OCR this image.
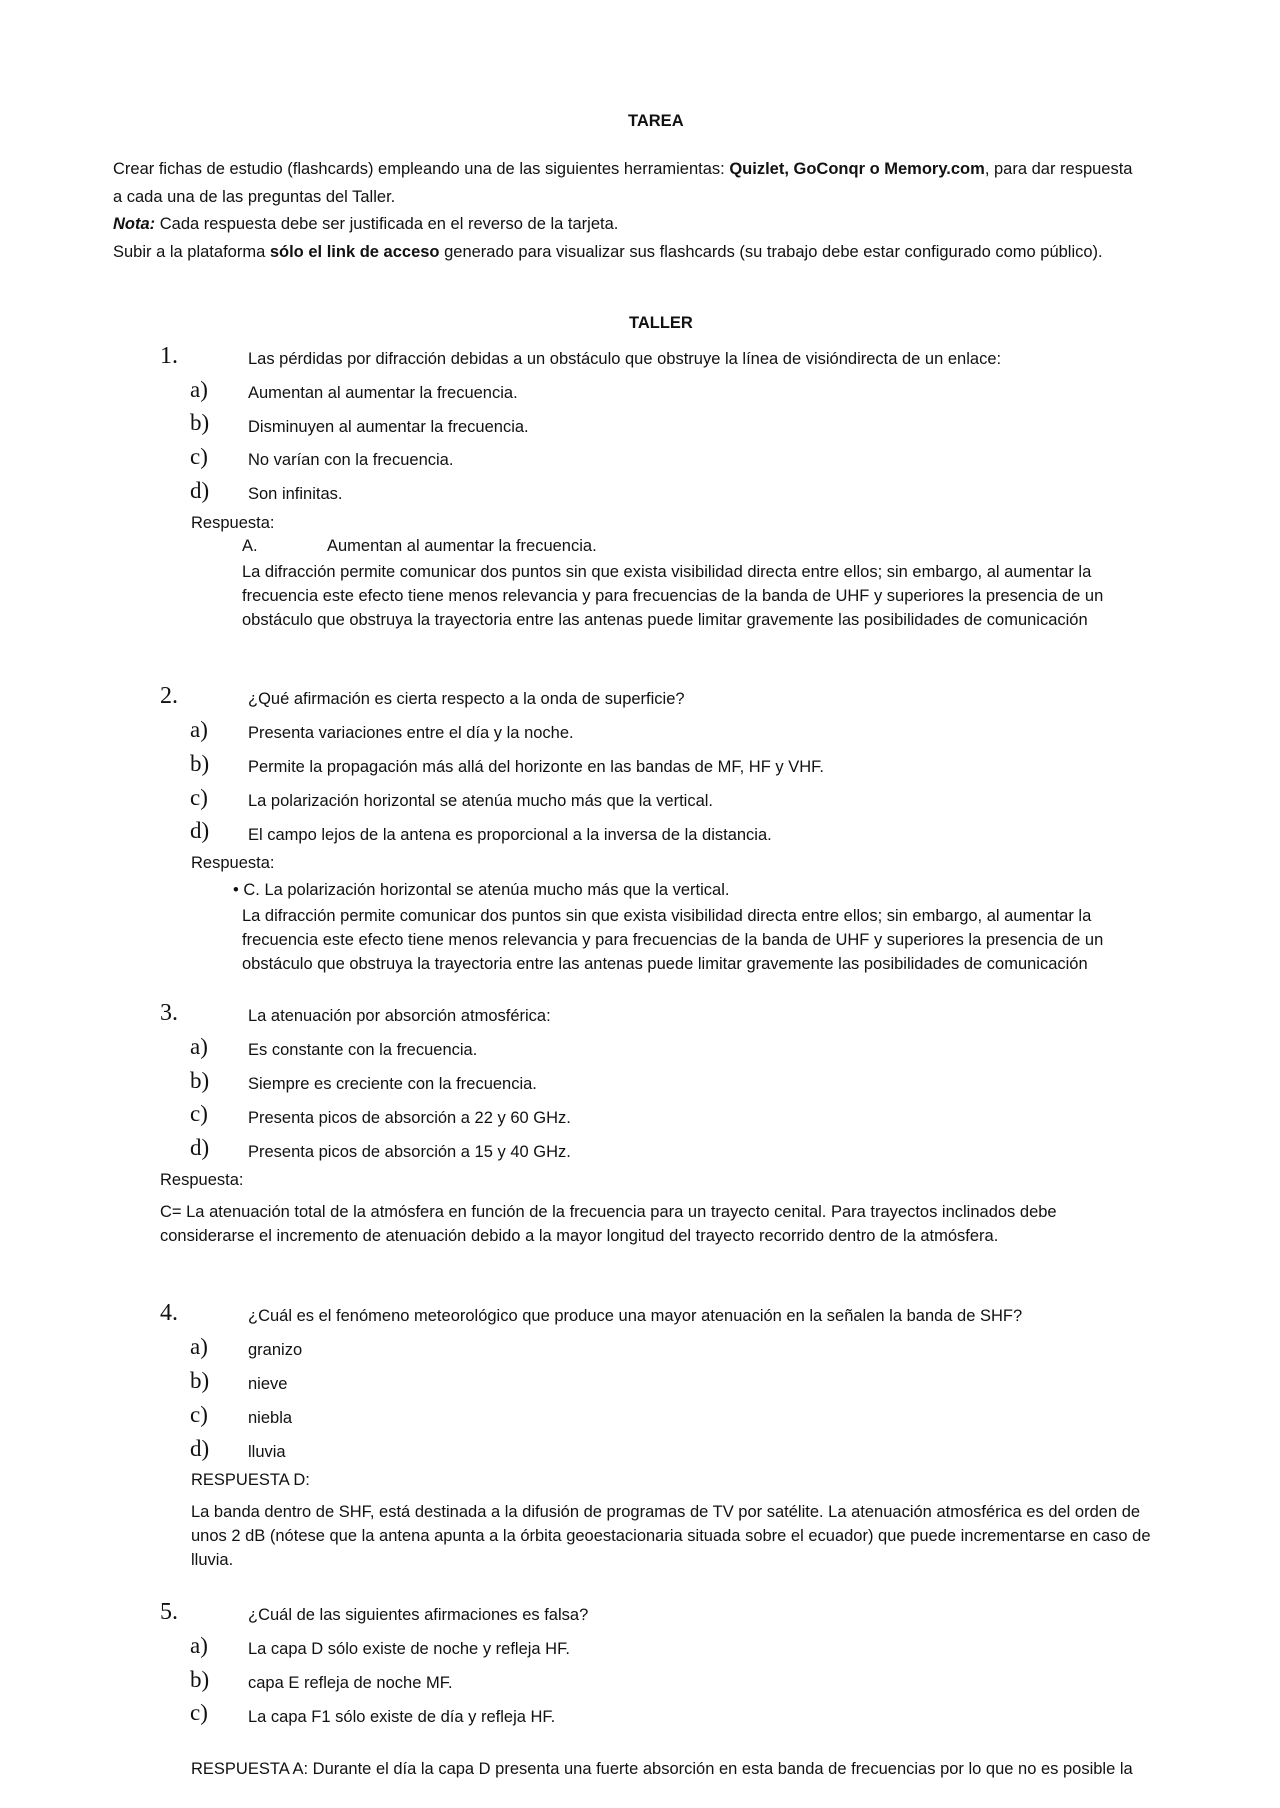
TAREA

Crear fichas de estudio (flashcards) empleando una de las siguientes herramientas: Quizlet, GoConqr o Memory.com, para dar respuesta

a cada una de las preguntas del Taller.

Nota: Cada respuesta debe ser justificada en el reverso de la tarjeta.

Subir a la plataforma sólo el link de acceso generado para visualizar sus flashcards (su trabajo debe estar configurado como público).

TALLER
1.	Las pérdidas por difracción debidas a un obstáculo que obstruye la línea de visióndirecta de un enlace:
a) Aumentan al aumentar la frecuencia.
b) Disminuyen al aumentar la frecuencia.
c) No varían con la frecuencia.
d) Son infinitas.
Respuesta:
A.	Aumentan al aumentar la frecuencia.

La difracción permite comunicar dos puntos sin que exista visibilidad directa entre ellos; sin embargo, al aumentar la

frecuencia este efecto tiene menos relevancia y para frecuencias de la banda de UHF y superiores la presencia de un

obstáculo que obstruya la trayectoria entre las antenas puede limitar gravemente las posibilidades de comunicación

2.	¿Qué afirmación es cierta respecto a la onda de superficie?
a) Presenta variaciones entre el día y la noche.
b) Permite la propagación más allá del horizonte en las bandas de MF, HF y VHF.
c) La polarización horizontal se atenúa mucho más que la vertical.
d) El campo lejos de la antena es proporcional a la inversa de la distancia.
Respuesta:
• C. La polarización horizontal se atenúa mucho más que la vertical.

La difracción permite comunicar dos puntos sin que exista visibilidad directa entre ellos; sin embargo, al aumentar la

frecuencia este efecto tiene menos relevancia y para frecuencias de la banda de UHF y superiores la presencia de un

obstáculo que obstruya la trayectoria entre las antenas puede limitar gravemente las posibilidades de comunicación

3.	La atenuación por absorción atmosférica:
a) Es constante con la frecuencia.
b) Siempre es creciente con la frecuencia.
c) Presenta picos de absorción a 22 y 60 GHz.
d) Presenta picos de absorción a 15 y 40 GHz.
Respuesta:

C= La atenuación total de la atmósfera en función de la frecuencia para un trayecto cenital. Para trayectos inclinados debe

considerarse el incremento de atenuación debido a la mayor longitud del trayecto recorrido dentro de la atmósfera.

4.	¿Cuál es el fenómeno meteorológico que produce una mayor atenuación en la señalen la banda de SHF?
a) granizo
b) nieve
c) niebla
d) lluvia
RESPUESTA D:

La banda dentro de SHF, está destinada a la difusión de programas de TV por satélite. La atenuación atmosférica es del orden de

unos 2 dB (nótese que la antena apunta a la órbita geoestacionaria situada sobre el ecuador) que puede incrementarse en caso de

lluvia.

5.	¿Cuál de las siguientes afirmaciones es falsa?
a) La capa D sólo existe de noche y refleja HF.
b) capa E refleja de noche MF.
c) La capa F1 sólo existe de día y refleja HF.
RESPUESTA A: Durante el día la capa D presenta una fuerte absorción en esta banda de frecuencias por lo que no es posible la
